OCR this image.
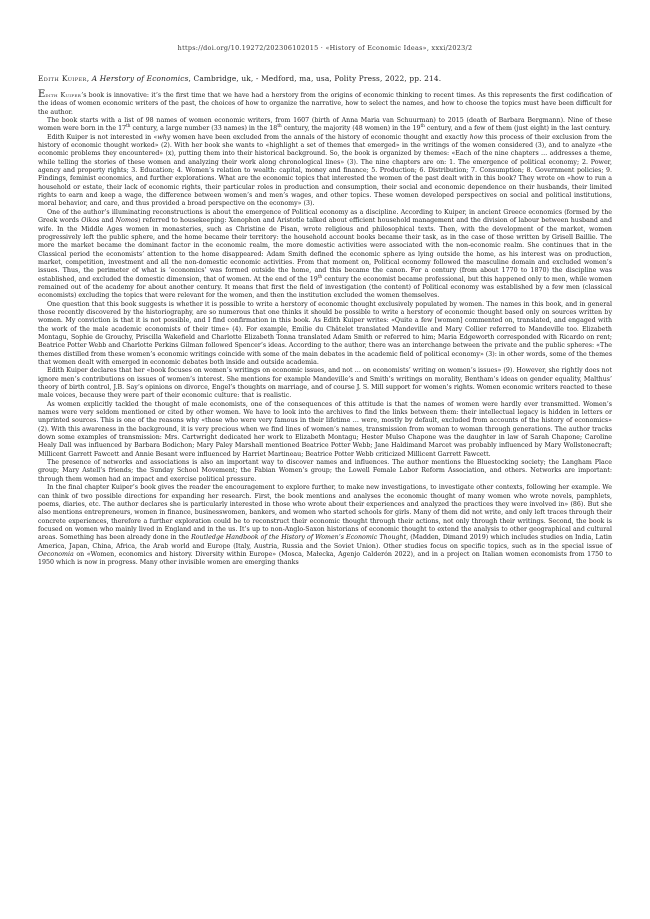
https://doi.org/10.19272/202306102015 · «History of Economic Ideas», xxxi/2023/2
Edith Kuiper, A Herstory of Economics, Cambridge, uk, - Medford, ma, usa, Polity Press, 2022, pp. 214.

Edith Kuiper’s book is innovative: it’s the first time that we have had a herstory from the origins of economic thinking to recent times. As this represents the first codification of the ideas of women economic writers of the past, the choices of how to organize the narrative, how to select the names, and how to choose the topics must have been difficult for the author.

The book starts with a list of 98 names of women economic writers, from 1607 (birth of Anna Maria van Schuurman) to 2015 (death of Barbara Bergmann). Nine of these women were born in the 17th century, a large number (33 names) in the 18th century, the majority (48 women) in the 19th century, and a few of them (just eight) in the last century.

Edith Kuiper is not interested in «why women have been excluded from the annals of the history of economic thought and exactly how this process of their exclusion from the history of economic thought worked» (2). With her book she wants to «highlight a set of themes that emerged» in the writings of the women considered (3), and to analyze «the economic problems they encountered» (x), putting them into their historical background. So, the book is organized by themes: «Each of the nine chapters … addresses a theme, while telling the stories of these women and analyzing their work along chronological lines» (3). The nine chapters are on: 1. The emergence of political economy; 2. Power, agency and property rights; 3. Education; 4. Women’s relation to wealth: capital, money and finance; 5. Production; 6. Distribution; 7. Consumption; 8. Government policies; 9. Findings, feminist economics, and further explorations. What are the economic topics that interested the women of the past dealt with in this book? They wrote on «how to run a household or estate, their lack of economic rights, their particular roles in production and consumption, their social and economic dependence on their husbands, their limited rights to earn and keep a wage, the difference between women’s and men’s wages, and other topics. These women developed perspectives on social and political institutions, moral behavior, and care, and thus provided a broad perspective on the economy» (3).

One of the author’s illuminating reconstructions is about the emergence of Political economy as a discipline. According to Kuiper, in ancient Greece economics (formed by the Greek words Oikos and Nomos) referred to housekeeping: Xenophon and Aristotle talked about efficient household management and the division of labour between husband and wife. In the Middle Ages women in monasteries, such as Christine de Pisan, wrote religious and philosophical texts. Then, with the development of the market, women progressively left the public sphere, and the home became their territory: the household account books became their task, as in the case of those written by Grisell Baillie. The more the market became the dominant factor in the economic realm, the more domestic activities were associated with the non-economic realm. She continues that in the Classical period the economists’ attention to the home disappeared: Adam Smith defined the economic sphere as lying outside the home, as his interest was on production, market, competition, investment and all the non-domestic economic activities. From that moment on, Political economy followed the masculine domain and excluded women’s issues. Thus, the perimeter of what is ‘economics’ was formed outside the home, and this became the canon. For a century (from about 1770 to 1870) the discipline was established, and excluded the domestic dimension, that of women. At the end of the 19th century the economist became professional, but this happened only to men, while women remained out of the academy for about another century. It means that first the field of investigation (the content) of Political economy was established by a few men (classical economists) excluding the topics that were relevant for the women, and then the institution excluded the women themselves.

One question that this book suggests is whether it is possible to write a herstory of economic thought exclusively populated by women. The names in this book, and in general those recently discovered by the historiography, are so numerous that one thinks it should be possible to write a herstory of economic thought based only on sources written by women. My conviction is that it is not possible, and I find confirmation in this book. As Edith Kuiper writes: «Quite a few [women] commented on, translated, and engaged with the work of the male academic economists of their time» (4). For example, Emilie du Châtelet translated Mandeville and Mary Collier referred to Mandeville too. Elizabeth Montagu, Sophie de Grouchy, Priscilla Wakefield and Charlotte Elizabeth Tonna translated Adam Smith or referred to him; Maria Edgeworth corresponded with Ricardo on rent; Beatrice Potter Webb and Charlotte Perkins Gilman followed Spencer’s ideas. According to the author, there was an interchange between the private and the public spheres: «The themes distilled from these women’s economic writings coincide with some of the main debates in the academic field of political economy» (3): in other words, some of the themes that women dealt with emerged in economic debates both inside and outside academia.

Edith Kuiper declares that her «book focuses on women’s writings on economic issues, and not … on economists’ writing on women’s issues» (9). However, she rightly does not ignore men’s contributions on issues of women’s interest. She mentions for example Mandeville’s and Smith’s writings on morality, Bentham’s ideas on gender equality, Malthus’ theory of birth control, J.B. Say’s opinions on divorce, Engel’s thoughts on marriage, and of course J. S. Mill support for women’s rights. Women economic writers reacted to these male voices, because they were part of their economic culture: that is realistic.

As women explicitly tackled the thought of male economists, one of the consequences of this attitude is that the names of women were hardly ever transmitted. Women’s names were very seldom mentioned or cited by other women. We have to look into the archives to find the links between them: their intellectual legacy is hidden in letters or unprinted sources. This is one of the reasons why «those who were very famous in their lifetime … were, mostly by default, excluded from accounts of the history of economics» (2). With this awareness in the background, it is very precious when we find lines of women’s names, transmission from woman to woman through generations. The author tracks down some examples of transmission: Mrs. Cartwright dedicated her work to Elizabeth Montagu; Hester Mulso Chapone was the daughter in law of Sarah Chapone; Caroline Healy Dall was influenced by Barbara Bodichon; Mary Paley Marshall mentioned Beatrice Potter Webb; Jane Haldimand Marcet was probably influenced by Mary Wollstonecraft; Millicent Garrett Fawcett and Annie Besant were influenced by Harriet Martineau; Beatrice Potter Webb criticized Millicent Garrett Fawcett.

The presence of networks and associations is also an important way to discover names and influences. The author mentions the Bluestocking society; the Langham Place group; Mary Astell’s friends; the Sunday School Movement; the Fabian Women’s group; the Lowell Female Labor Reform Association, and others. Networks are important: through them women had an impact and exercise political pressure.

In the final chapter Kuiper’s book gives the reader the encouragement to explore further, to make new investigations, to investigate other contexts, following her example. We can think of two possible directions for expanding her research. First, the book mentions and analyses the economic thought of many women who wrote novels, pamphlets, poems, diaries, etc. The author declares she is particularly interested in those who wrote about their experiences and analyzed the practices they were involved in» (86). But she also mentions entrepreneurs, women in finance, businesswomen, bankers, and women who started schools for girls. Many of them did not write, and only left traces through their concrete experiences, therefore a further exploration could be to reconstruct their economic thought through their actions, not only through their writings. Second, the book is focused on women who mainly lived in England and in the us. It’s up to non-Anglo-Saxon historians of economic thought to extend the analysis to other geographical and cultural areas. Something has been already done in the Routledge Handbook of the History of Women’s Economic Thought, (Madden, Dimand 2019) which includes studies on India, Latin America, Japan, China, Africa, the Arab world and Europe (Italy, Austria, Russia and the Soviet Union). Other studies focus on specific topics, such as in the special issue of Oeconomia on «Women, economics and history. Diversity within Europe» (Mosca, Małecka, Agenjo Calderón 2022), and in a project on Italian women economists from 1750 to 1950 which is now in progress. Many other invisible women are emerging thanks
